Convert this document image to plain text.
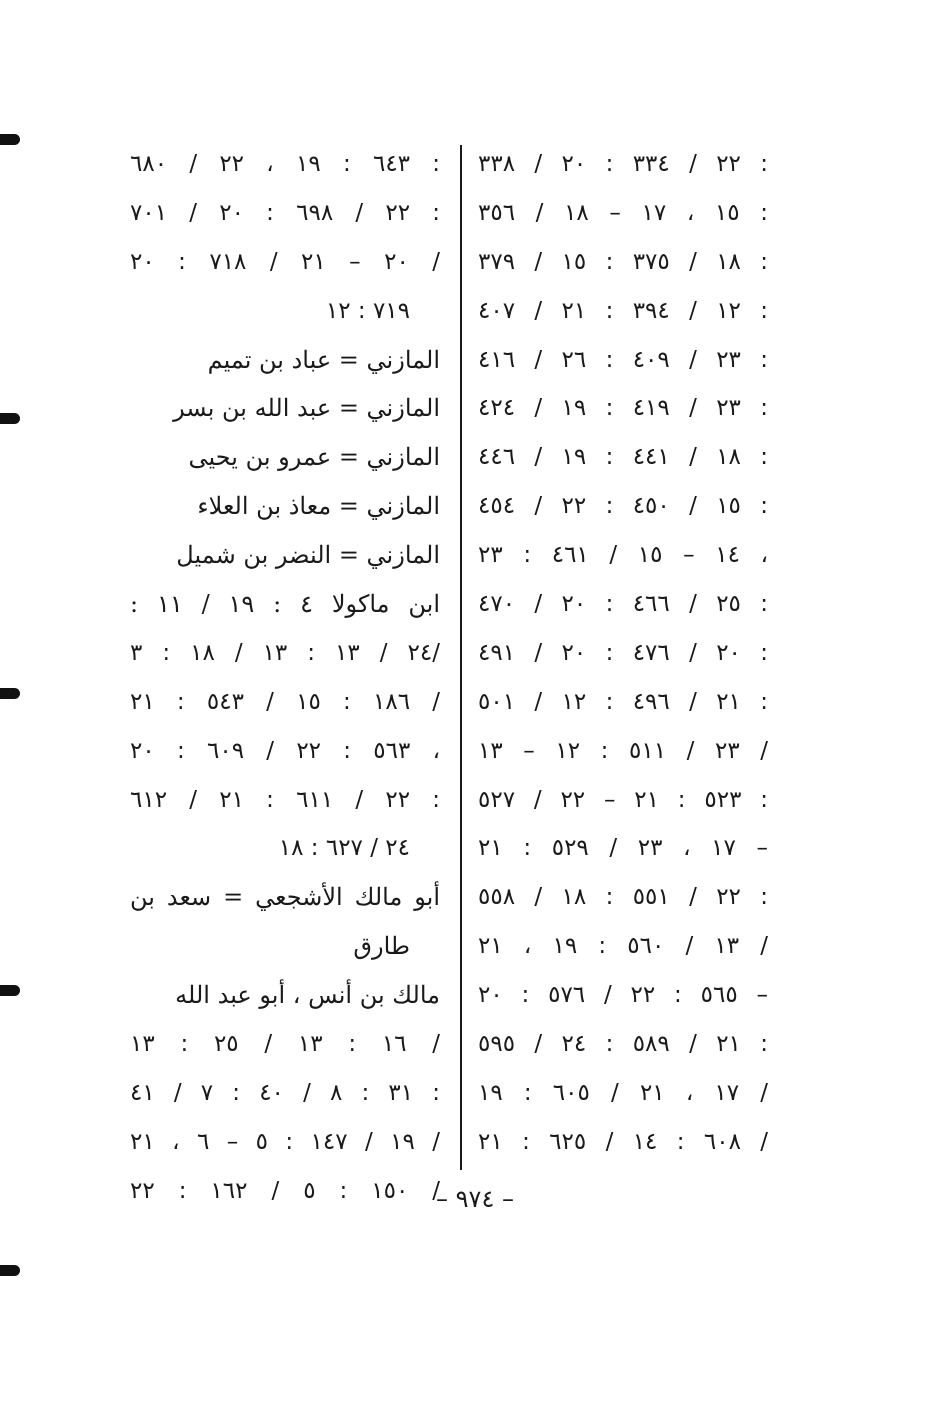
٢٢ / ٣٣٤ : ٢٠ / ٣٣٨ :
١٥ ، ١٧ – ١٨ / ٣٥٦ :
١٨ / ٣٧٥ : ١٥ / ٣٧٩ :
١٢ / ٣٩٤ : ٢١ / ٤٠٧ :
٢٣ / ٤٠٩ : ٢٦ / ٤١٦ :
٢٣ / ٤١٩ : ١٩ / ٤٢٤ :
١٨ / ٤٤١ : ١٩ / ٤٤٦ :
١٥ / ٤٥٠ : ٢٢ / ٤٥٤ :
١٤ – ١٥ / ٤٦١ : ٢٣ ،
٢٥ / ٤٦٦ : ٢٠ / ٤٧٠ :
٢٠ / ٤٧٦ : ٢٠ / ٤٩١ :
٢١ / ٤٩٦ : ١٢ / ٥٠١ :
٢٣ / ٥١١ : ١٢ – ١٣ /
٥٢٣ : ٢١ – ٢٢ / ٥٢٧ :
١٧ ، ٢٣ / ٥٢٩ : ٢١ –
٢٢ / ٥٥١ : ١٨ / ٥٥٨ :
١٣ / ٥٦٠ : ١٩ ، ٢١ /
٥٦٥ : ٢٢ / ٥٧٦ : ٢٠ –
٢١ / ٥٨٩ : ٢٤ / ٥٩٥ :
١٧ ، ٢١ / ٦٠٥ : ١٩ /
٦٠٨ : ١٤ / ٦٢٥ : ٢١ /
٦٤٣ : ١٩ ، ٢٢ / ٦٨٠ :
٢٢ / ٦٩٨ : ٢٠ / ٧٠١ :
٢٠ – ٢١ / ٧١٨ : ٢٠ /
٧١٩ : ١٢
المازني = عباد بن تميم
المازني = عبد الله بن بسر
المازني = عمرو بن يحيى
المازني = معاذ بن العلاء
المازني = النضر بن شميل
ابن ماكولا ٤ : ١٩ / ١١ :
٢٤ / ١٣ : ١٣ / ١٨ : ٣/
١٨٦ : ١٥ / ٥٤٣ : ٢١ /
٥٦٣ : ٢٢ / ٦٠٩ : ٢٠ ،
٢٢ / ٦١١ : ٢١ / ٦١٢ :
٢٤ / ٦٢٧ : ١٨
أبو مالك الأشجعي = سعد بن
طارق
مالك بن أنس ، أبو عبد الله
١٦ : ١٣ / ٢٥ : ١٣ /
٣١ : ٨ / ٤٠ : ٧ / ٤١ :
١٩ / ١٤٧ : ٥ – ٦ ، ٢١ /
١٥٠ : ٥ / ١٦٢ : ٢٢ /
– ٩٧٤ –
